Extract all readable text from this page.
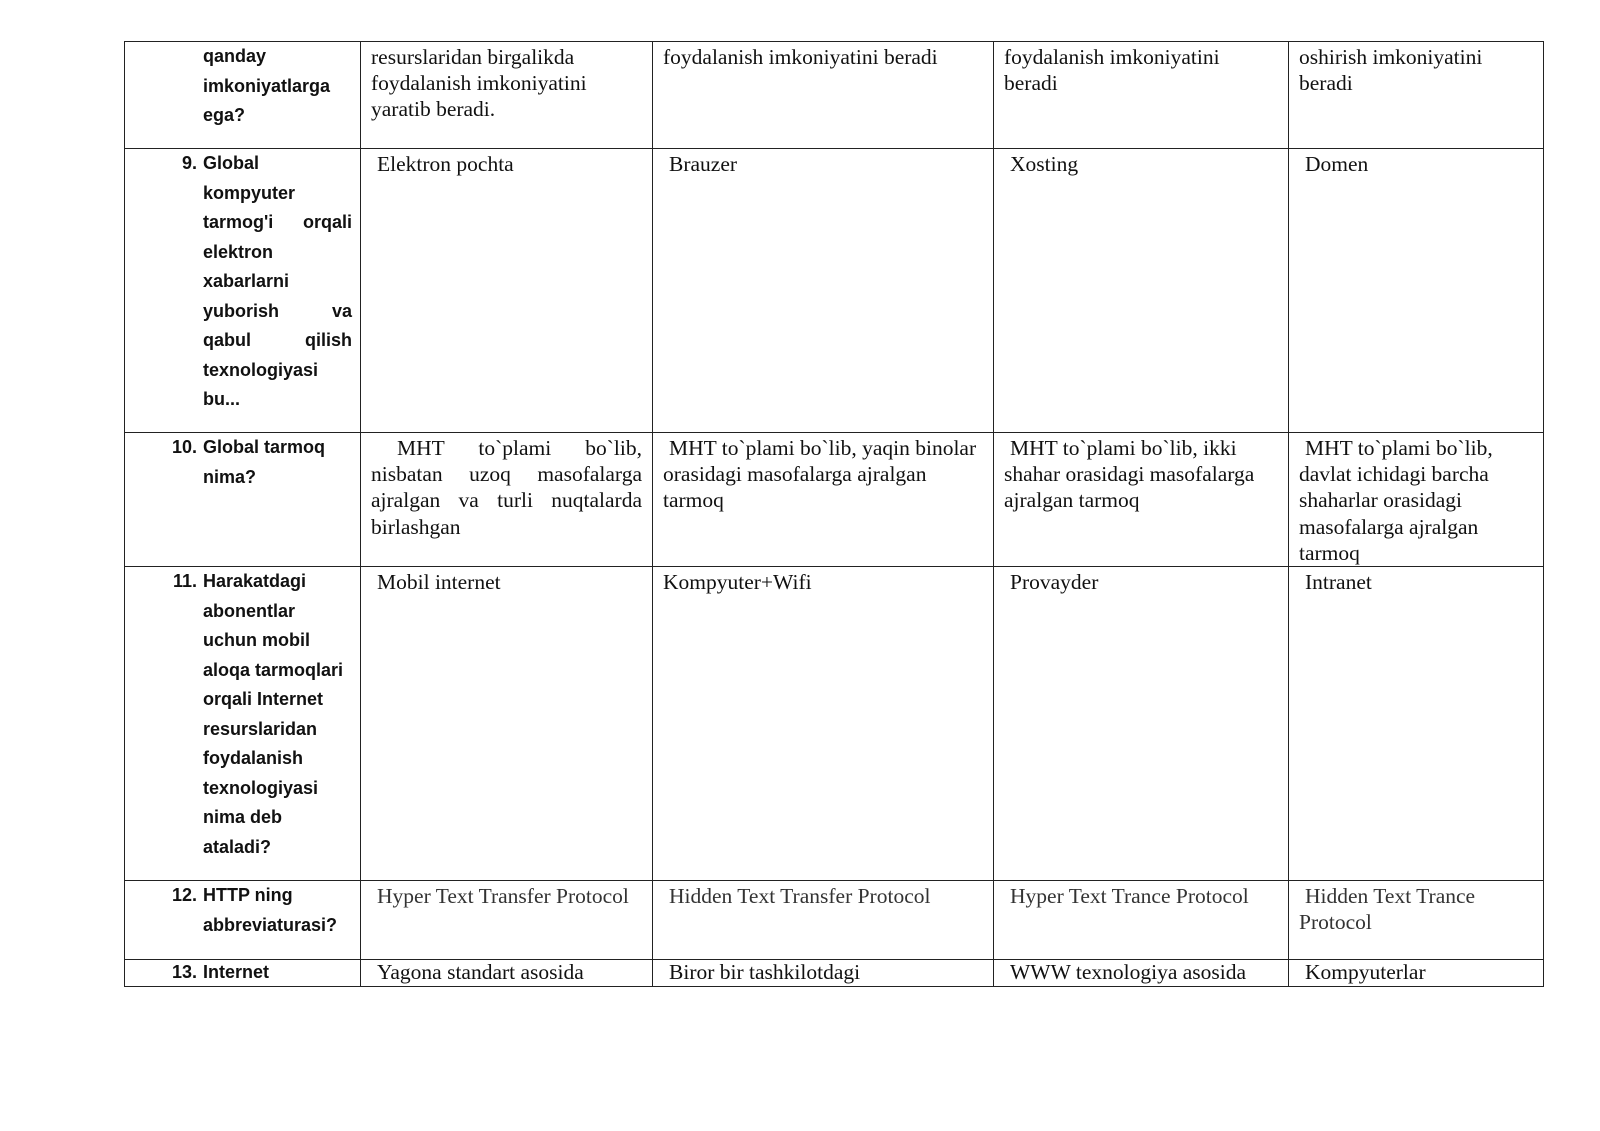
qanday imkoniyatlarga ega?	resurslaridan birgalikda foydalanish imkoniyatini yaratib beradi.	foydalanish imkoniyatini beradi	foydalanish imkoniyatini beradi	oshirish imkoniyatini beradi

9. Global kompyuter tarmog'i orqali elektron xabarlarni yuborish va qabul qilish texnologiyasi bu...	Elektron pochta	Brauzer	Xosting	Domen

10. Global tarmoq nima?	MHT to`plami bo`lib, nisbatan uzoq masofalarga ajralgan va turli nuqtalarda birlashgan	MHT to`plami bo`lib, yaqin binolar orasidagi masofalarga ajralgan tarmoq	MHT to`plami bo`lib, ikki shahar orasidagi masofalarga ajralgan tarmoq	MHT to`plami bo`lib, davlat ichidagi barcha shaharlar orasidagi masofalarga ajralgan tarmoq

11. Harakatdagi abonentlar uchun mobil aloqa tarmoqlari orqali Internet resurslaridan foydalanish texnologiyasi nima deb ataladi?	Mobil internet	Kompyuter+Wifi	Provayder	Intranet

12. HTTP ning abbreviaturasi?	Hyper Text Transfer Protocol	Hidden Text Transfer Protocol	Hyper Text Trance Protocol	Hidden Text Trance Protocol

13. Internet	Yagona standart asosida	Biror bir tashkilotdagi	WWW texnologiya asosida	Kompyuterlar
